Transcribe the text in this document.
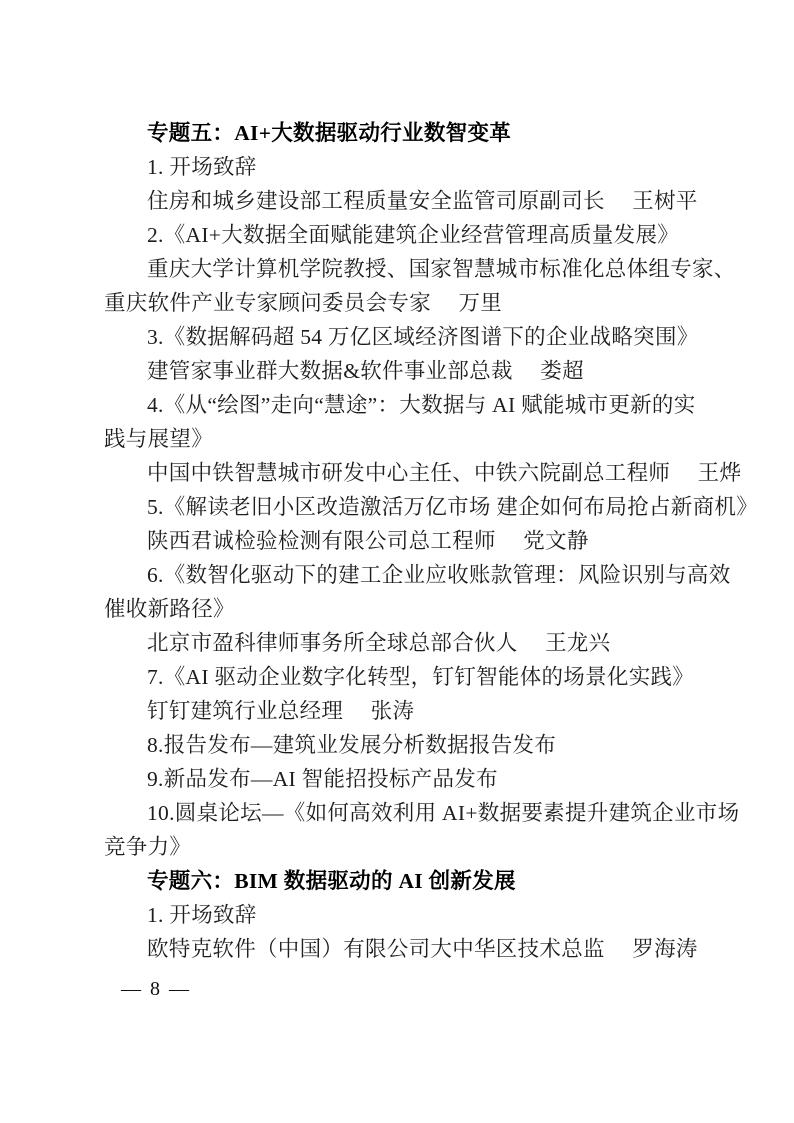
专题五：AI+大数据驱动行业数智变革
1. 开场致辞
住房和城乡建设部工程质量安全监管司原副司长　 王树平
2.《AI+大数据全面赋能建筑企业经营管理高质量发展》
重庆大学计算机学院教授、国家智慧城市标准化总体组专家、
重庆软件产业专家顾问委员会专家　 万里
3.《数据解码超 54 万亿区域经济图谱下的企业战略突围》
建管家事业群大数据&软件事业部总裁　 娄超
4.《从“绘图”走向“慧途”：大数据与 AI 赋能城市更新的实
践与展望》
中国中铁智慧城市研发中心主任、中铁六院副总工程师　 王烨
5.《解读老旧小区改造激活万亿市场 建企如何布局抢占新商机》
陕西君诚检验检测有限公司总工程师　 党文静
6.《数智化驱动下的建工企业应收账款管理：风险识别与高效
催收新路径》
北京市盈科律师事务所全球总部合伙人　 王龙兴
7.《AI 驱动企业数字化转型，钉钉智能体的场景化实践》
钉钉建筑行业总经理　 张涛
8.报告发布—建筑业发展分析数据报告发布
9.新品发布—AI 智能招投标产品发布
10.圆桌论坛—《如何高效利用 AI+数据要素提升建筑企业市场
竞争力》
专题六：BIM 数据驱动的 AI 创新发展
1. 开场致辞
欧特克软件（中国）有限公司大中华区技术总监　 罗海涛
— 8 —
